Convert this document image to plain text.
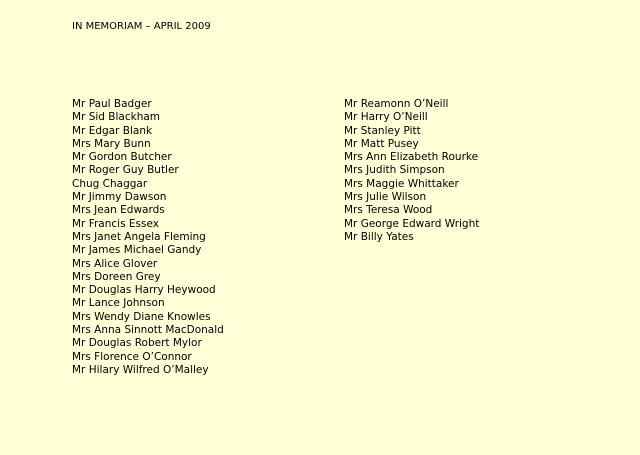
IN MEMORIAM – APRIL 2009
Mr Paul Badger
Mr Sid Blackham
Mr Edgar Blank
Mrs Mary Bunn
Mr Gordon Butcher
Mr Roger Guy Butler
Chug Chaggar
Mr Jimmy Dawson
Mrs Jean Edwards
Mr Francis Essex
Mrs Janet Angela Fleming
Mr James Michael Gandy
Mrs Alice Glover
Mrs Doreen Grey
Mr Douglas Harry Heywood
Mr Lance Johnson
Mrs Wendy Diane Knowles
Mrs Anna Sinnott MacDonald
Mr Douglas Robert Mylor
Mrs Florence O’Connor
Mr Hilary Wilfred O’Malley
Mr Reamonn O’Neill
Mr Harry O’Neill
Mr Stanley Pitt
Mr Matt Pusey
Mrs Ann Elizabeth Rourke
Mrs Judith Simpson
Mrs Maggie Whittaker
Mrs Julie Wilson
Mrs Teresa Wood
Mr George Edward Wright
Mr Billy Yates
